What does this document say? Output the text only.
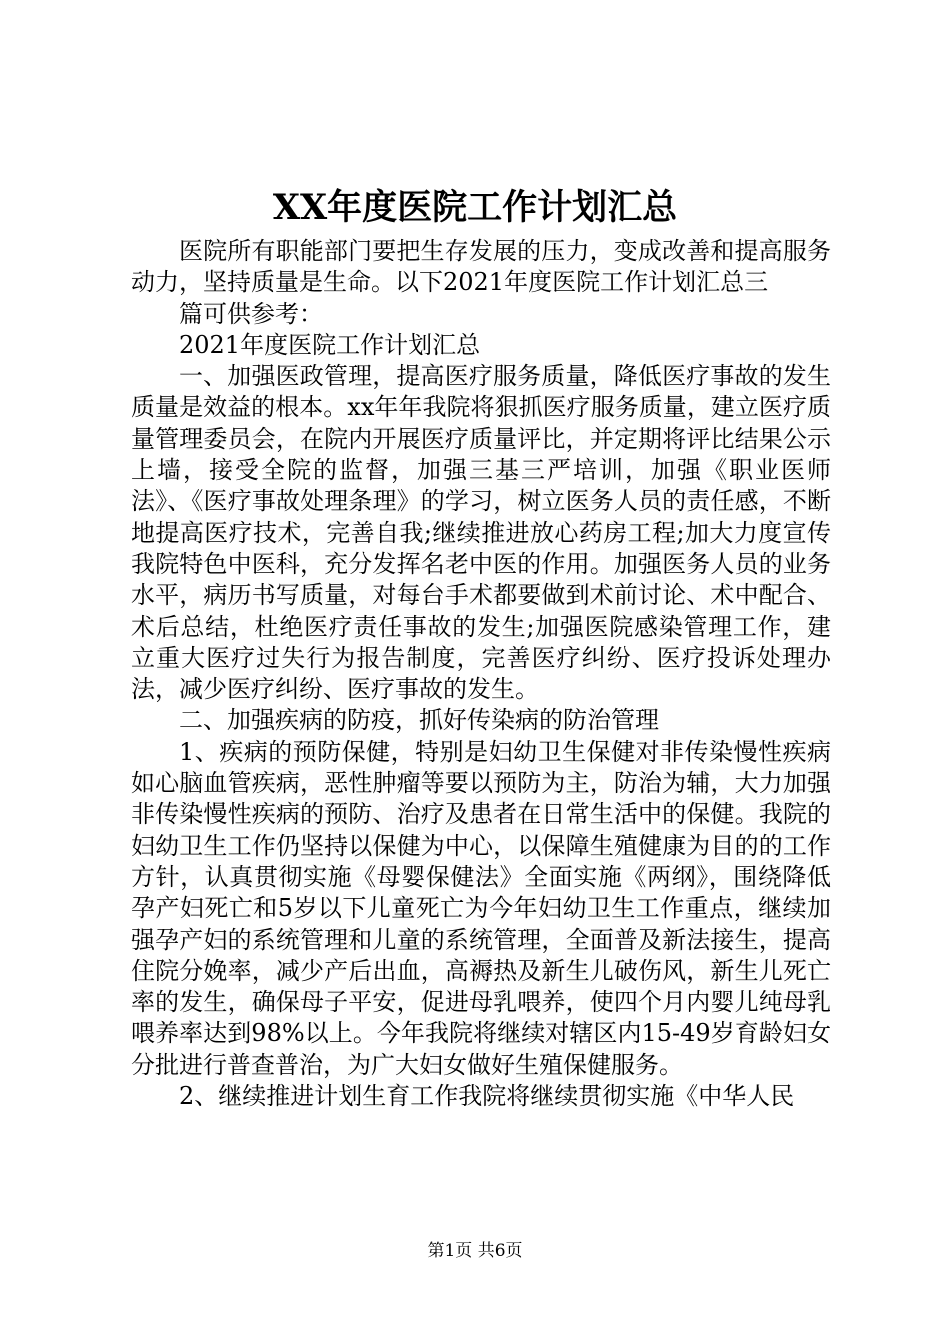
XX年度医院工作计划汇总

医院所有职能部门要把生存发展的压力，变成改善和提高服务动力，坚持质量是生命。以下2021年度医院工作计划汇总三

篇可供参考：

2021年度医院工作计划汇总

一、加强医政管理，提高医疗服务质量，降低医疗事故的发生质量是效益的根本。xx年年我院将狠抓医疗服务质量，建立医疗质量管理委员会，在院内开展医疗质量评比，并定期将评比结果公示上墙，接受全院的监督，加强三基三严培训，加强《职业医师法》、《医疗事故处理条理》的学习，树立医务人员的责任感，不断地提高医疗技术，完善自我;继续推进放心药房工程;加大力度宣传我院特色中医科，充分发挥名老中医的作用。加强医务人员的业务水平，病历书写质量，对每台手术都要做到术前讨论、术中配合、术后总结，杜绝医疗责任事故的发生;加强医院感染管理工作，建立重大医疗过失行为报告制度，完善医疗纠纷、医疗投诉处理办法，减少医疗纠纷、医疗事故的发生。

二、加强疾病的防疫，抓好传染病的防治管理

1、疾病的预防保健，特别是妇幼卫生保健对非传染慢性疾病如心脑血管疾病，恶性肿瘤等要以预防为主，防治为辅，大力加强非传染慢性疾病的预防、治疗及患者在日常生活中的保健。我院的妇幼卫生工作仍坚持以保健为中心，以保障生殖健康为目的的工作方针，认真贯彻实施《母婴保健法》全面实施《两纲》，围绕降低孕产妇死亡和5岁以下儿童死亡为今年妇幼卫生工作重点，继续加强孕产妇的系统管理和儿童的系统管理，全面普及新法接生，提高住院分娩率，减少产后出血，高褥热及新生儿破伤风，新生儿死亡率的发生，确保母子平安，促进母乳喂养，使四个月内婴儿纯母乳喂养率达到98%以上。今年我院将继续对辖区内15-49岁育龄妇女分批进行普查普治，为广大妇女做好生殖保健服务。

2、继续推进计划生育工作我院将继续贯彻实施《中华人民

第1页 共6页
